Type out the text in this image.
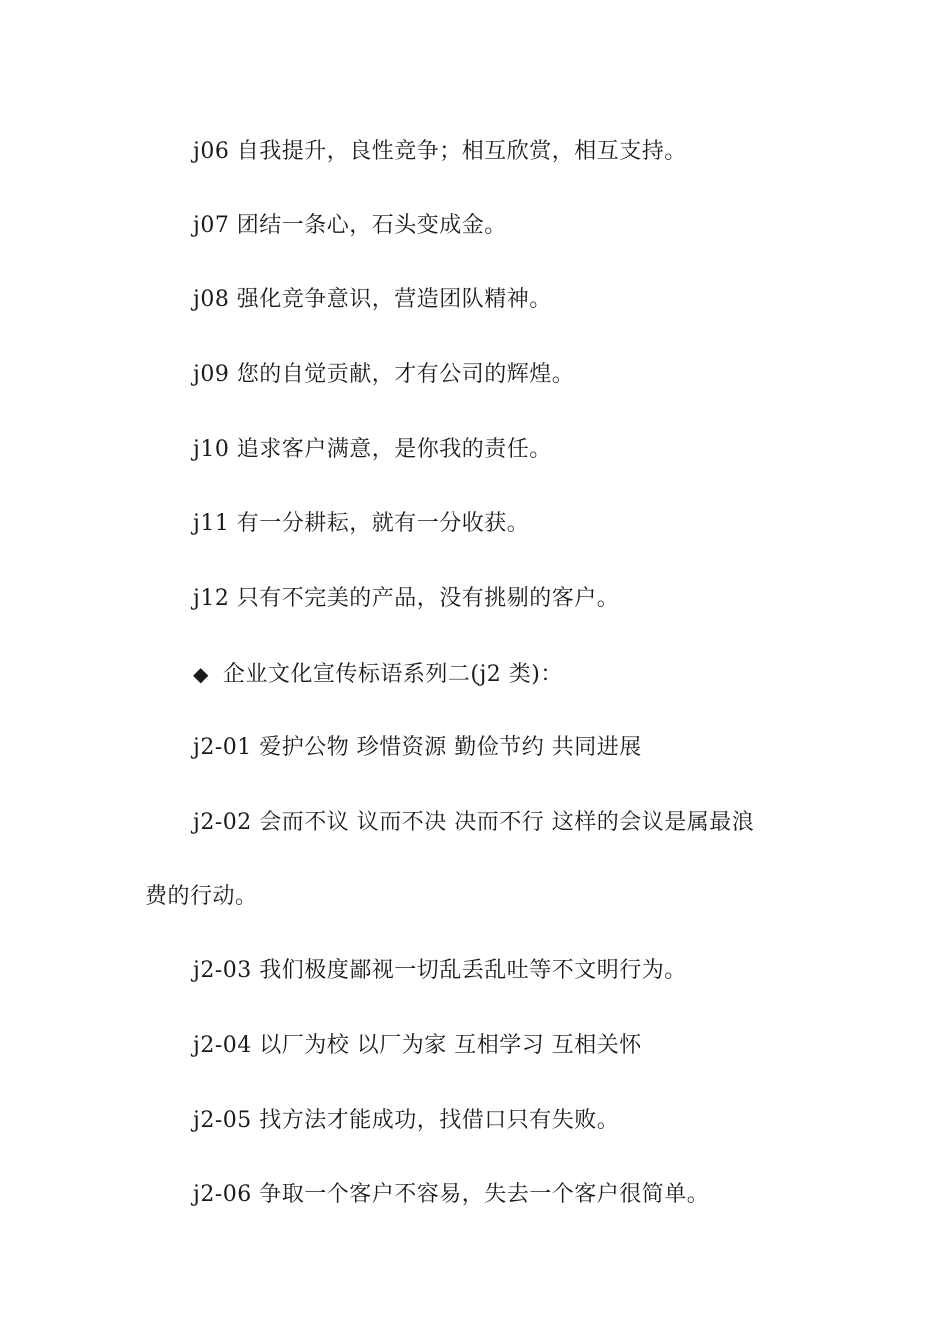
j06 自我提升，良性竞争；相互欣赏，相互支持。
j07 团结一条心，石头变成金。
j08 强化竞争意识，营造团队精神。
j09 您的自觉贡献，才有公司的辉煌。
j10 追求客户满意，是你我的责任。
j11 有一分耕耘，就有一分收获。
j12 只有不完美的产品，没有挑剔的客户。
◆ 企业文化宣传标语系列二(j2 类)：
j2-01 爱护公物 珍惜资源 勤俭节约 共同进展
j2-02 会而不议 议而不决 决而不行 这样的会议是属最浪
费的行动。
j2-03 我们极度鄙视一切乱丢乱吐等不文明行为。
j2-04 以厂为校 以厂为家 互相学习 互相关怀
j2-05 找方法才能成功，找借口只有失败。
j2-06 争取一个客户不容易，失去一个客户很简单。
